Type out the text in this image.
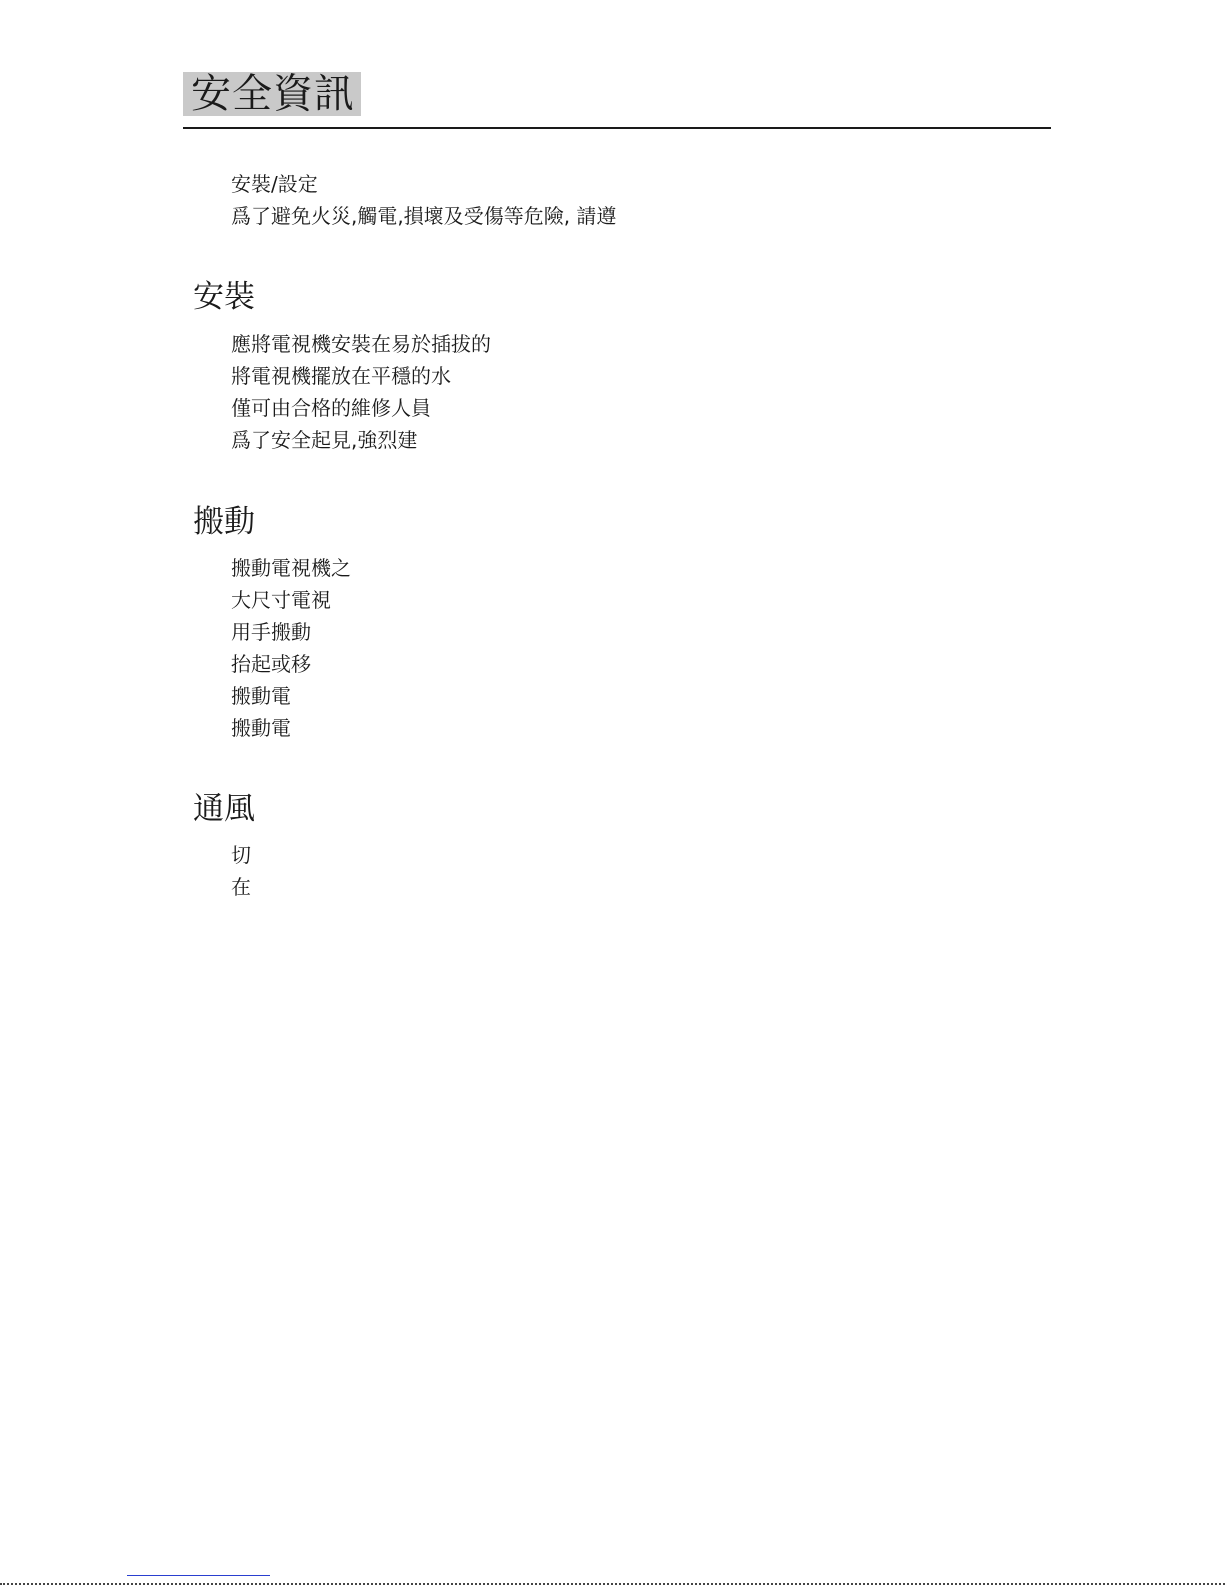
安全資訊
安裝/設定
爲了避免火災,觸電,損壞及受傷等危險, 請遵
安裝
應將電視機安裝在易於插拔的
將電視機擺放在平穩的水
僅可由合格的維修人員
爲了安全起見,強烈建
搬動
搬動電視機之
大尺寸電視
用手搬動
抬起或移
搬動電
搬動電
通風
切
在
